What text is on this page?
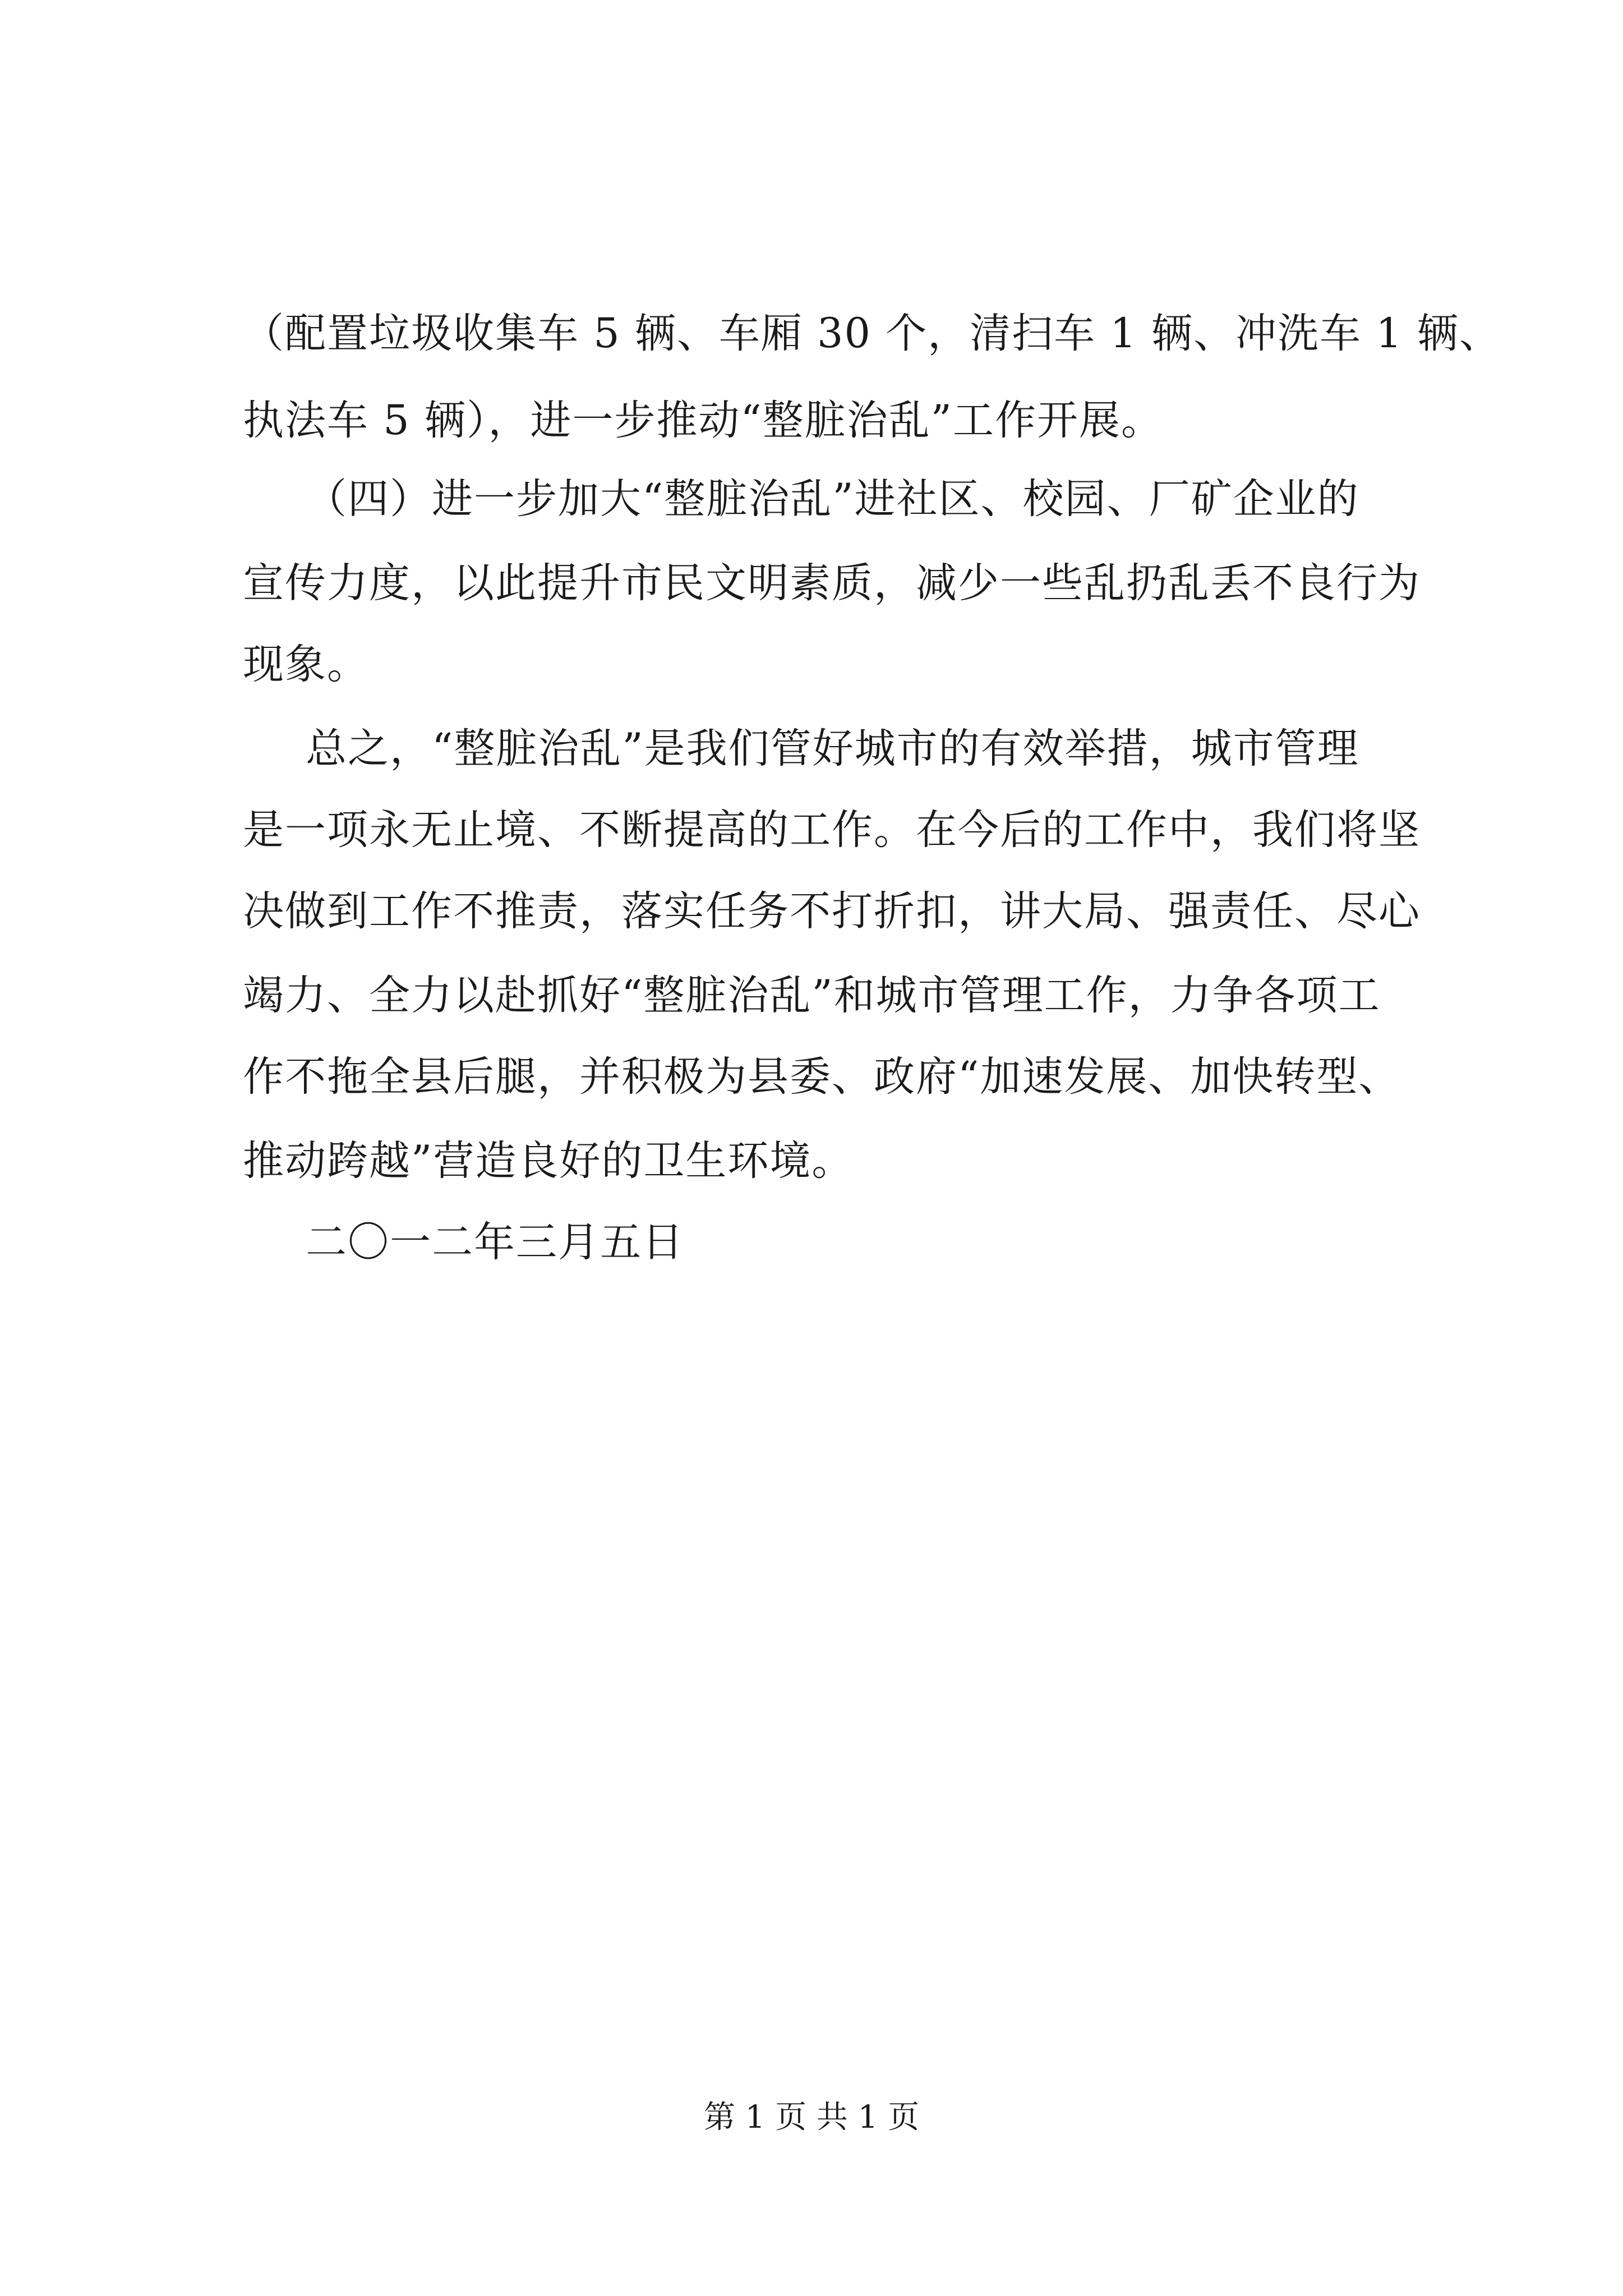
（配置垃圾收集车 5 辆、车厢 30 个，清扫车 1 辆、冲洗车 1 辆、
执法车 5 辆），进一步推动“整脏治乱”工作开展。
（四）进一步加大“整脏治乱”进社区、校园、厂矿企业的
宣传力度，以此提升市民文明素质，减少一些乱扔乱丢不良行为
现象。
总之，“整脏治乱”是我们管好城市的有效举措，城市管理
是一项永无止境、不断提高的工作。在今后的工作中，我们将坚
决做到工作不推责，落实任务不打折扣，讲大局、强责任、尽心
竭力、全力以赴抓好“整脏治乱”和城市管理工作，力争各项工
作不拖全县后腿，并积极为县委、政府“加速发展、加快转型、
推动跨越”营造良好的卫生环境。
二〇一二年三月五日
第 1 页 共 1 页
